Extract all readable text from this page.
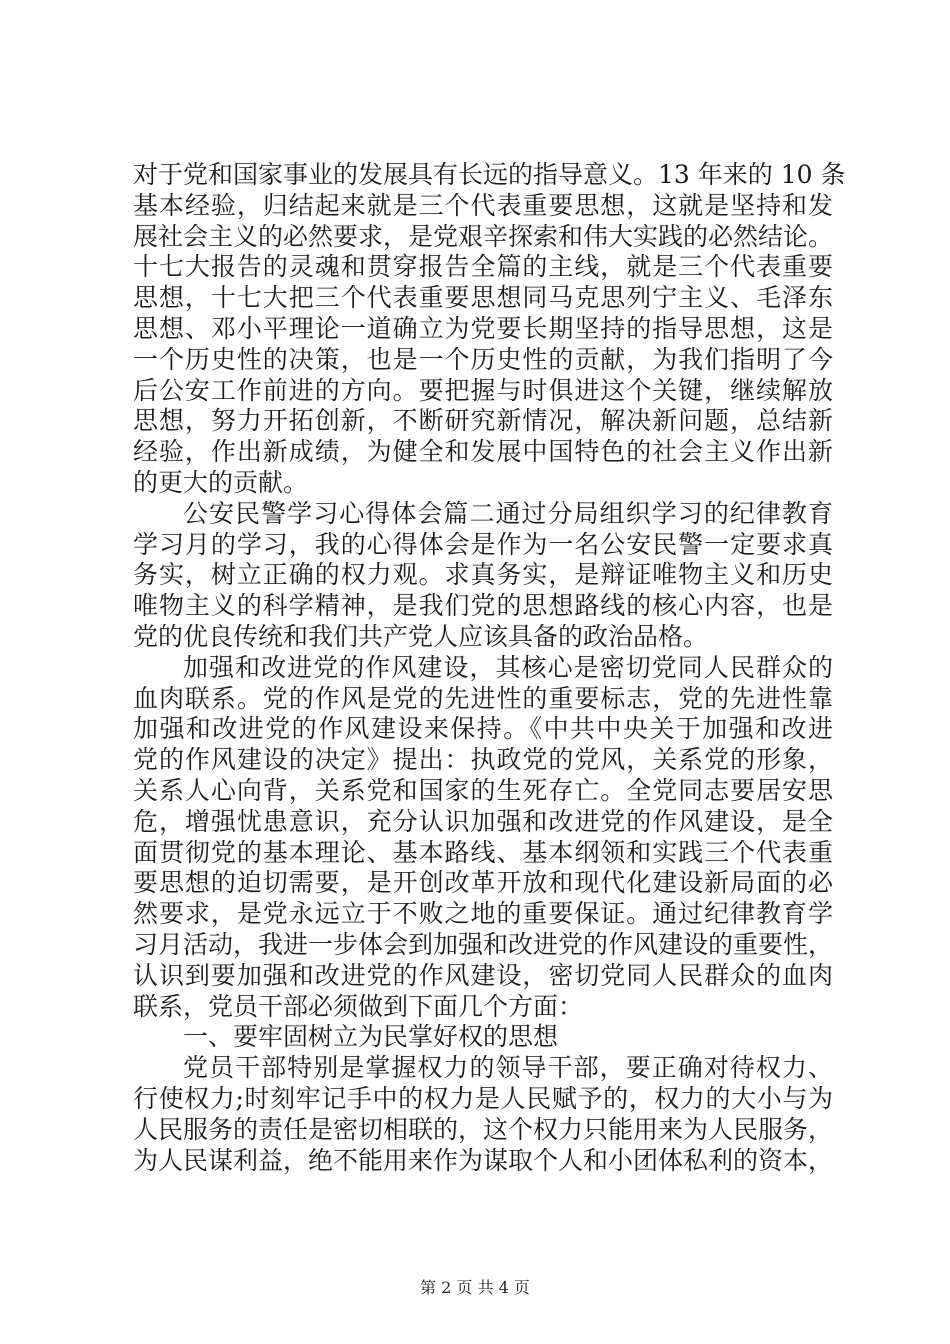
对于党和国家事业的发展具有长远的指导意义。13 年来的 10 条
基本经验，归结起来就是三个代表重要思想，这就是坚持和发
展社会主义的必然要求，是党艰辛探索和伟大实践的必然结论。
十七大报告的灵魂和贯穿报告全篇的主线，就是三个代表重要
思想，十七大把三个代表重要思想同马克思列宁主义、毛泽东
思想、邓小平理论一道确立为党要长期坚持的指导思想，这是
一个历史性的决策，也是一个历史性的贡献，为我们指明了今
后公安工作前进的方向。要把握与时俱进这个关键，继续解放
思想，努力开拓创新，不断研究新情况，解决新问题，总结新
经验，作出新成绩，为健全和发展中国特色的社会主义作出新
的更大的贡献。
公安民警学习心得体会篇二通过分局组织学习的纪律教育
学习月的学习，我的心得体会是作为一名公安民警一定要求真
务实，树立正确的权力观。求真务实，是辩证唯物主义和历史
唯物主义的科学精神，是我们党的思想路线的核心内容，也是
党的优良传统和我们共产党人应该具备的政治品格。
加强和改进党的作风建设，其核心是密切党同人民群众的
血肉联系。党的作风是党的先进性的重要标志，党的先进性靠
加强和改进党的作风建设来保持。《中共中央关于加强和改进
党的作风建设的决定》提出：执政党的党风，关系党的形象，
关系人心向背，关系党和国家的生死存亡。全党同志要居安思
危，增强忧患意识，充分认识加强和改进党的作风建设，是全
面贯彻党的基本理论、基本路线、基本纲领和实践三个代表重
要思想的迫切需要，是开创改革开放和现代化建设新局面的必
然要求，是党永远立于不败之地的重要保证。通过纪律教育学
习月活动，我进一步体会到加强和改进党的作风建设的重要性，
认识到要加强和改进党的作风建设，密切党同人民群众的血肉
联系，党员干部必须做到下面几个方面：
一、要牢固树立为民掌好权的思想
党员干部特别是掌握权力的领导干部，要正确对待权力、
行使权力;时刻牢记手中的权力是人民赋予的，权力的大小与为
人民服务的责任是密切相联的，这个权力只能用来为人民服务，
为人民谋利益，绝不能用来作为谋取个人和小团体私利的资本，
第 2 页 共 4 页
